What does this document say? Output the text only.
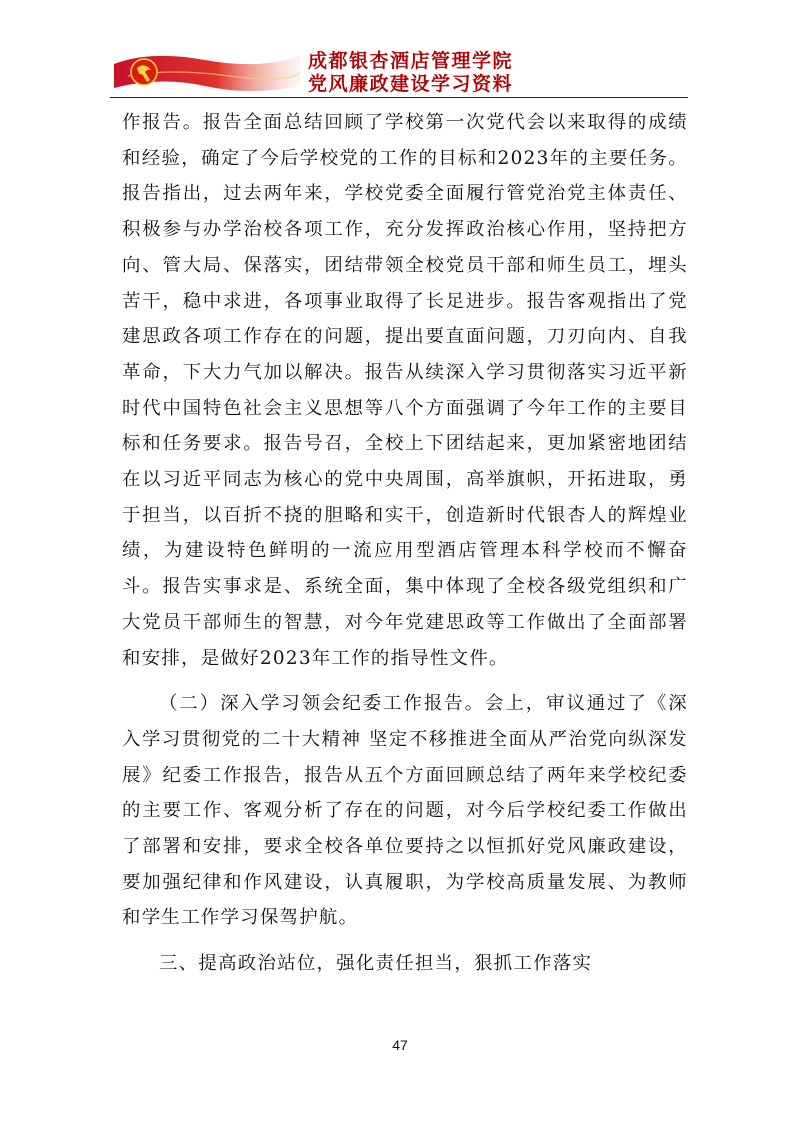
成都银杏酒店管理学院
党风廉政建设学习资料

作报告。报告全面总结回顾了学校第一次党代会以来取得的成绩和经验，确定了今后学校党的工作的目标和2023年的主要任务。报告指出，过去两年来，学校党委全面履行管党治党主体责任、积极参与办学治校各项工作，充分发挥政治核心作用，坚持把方向、管大局、保落实，团结带领全校党员干部和师生员工，埋头苦干，稳中求进，各项事业取得了长足进步。报告客观指出了党建思政各项工作存在的问题，提出要直面问题，刀刃向内、自我革命，下大力气加以解决。报告从续深入学习贯彻落实习近平新时代中国特色社会主义思想等八个方面强调了今年工作的主要目标和任务要求。报告号召，全校上下团结起来，更加紧密地团结在以习近平同志为核心的党中央周围，高举旗帜，开拓进取，勇于担当，以百折不挠的胆略和实干，创造新时代银杏人的辉煌业绩，为建设特色鲜明的一流应用型酒店管理本科学校而不懈奋斗。报告实事求是、系统全面，集中体现了全校各级党组织和广大党员干部师生的智慧，对今年党建思政等工作做出了全面部署和安排，是做好2023年工作的指导性文件。

（二）深入学习领会纪委工作报告。会上，审议通过了《深入学习贯彻党的二十大精神 坚定不移推进全面从严治党向纵深发展》纪委工作报告，报告从五个方面回顾总结了两年来学校纪委的主要工作、客观分析了存在的问题，对今后学校纪委工作做出了部署和安排，要求全校各单位要持之以恒抓好党风廉政建设，要加强纪律和作风建设，认真履职，为学校高质量发展、为教师和学生工作学习保驾护航。

三、提高政治站位，强化责任担当，狠抓工作落实

47
